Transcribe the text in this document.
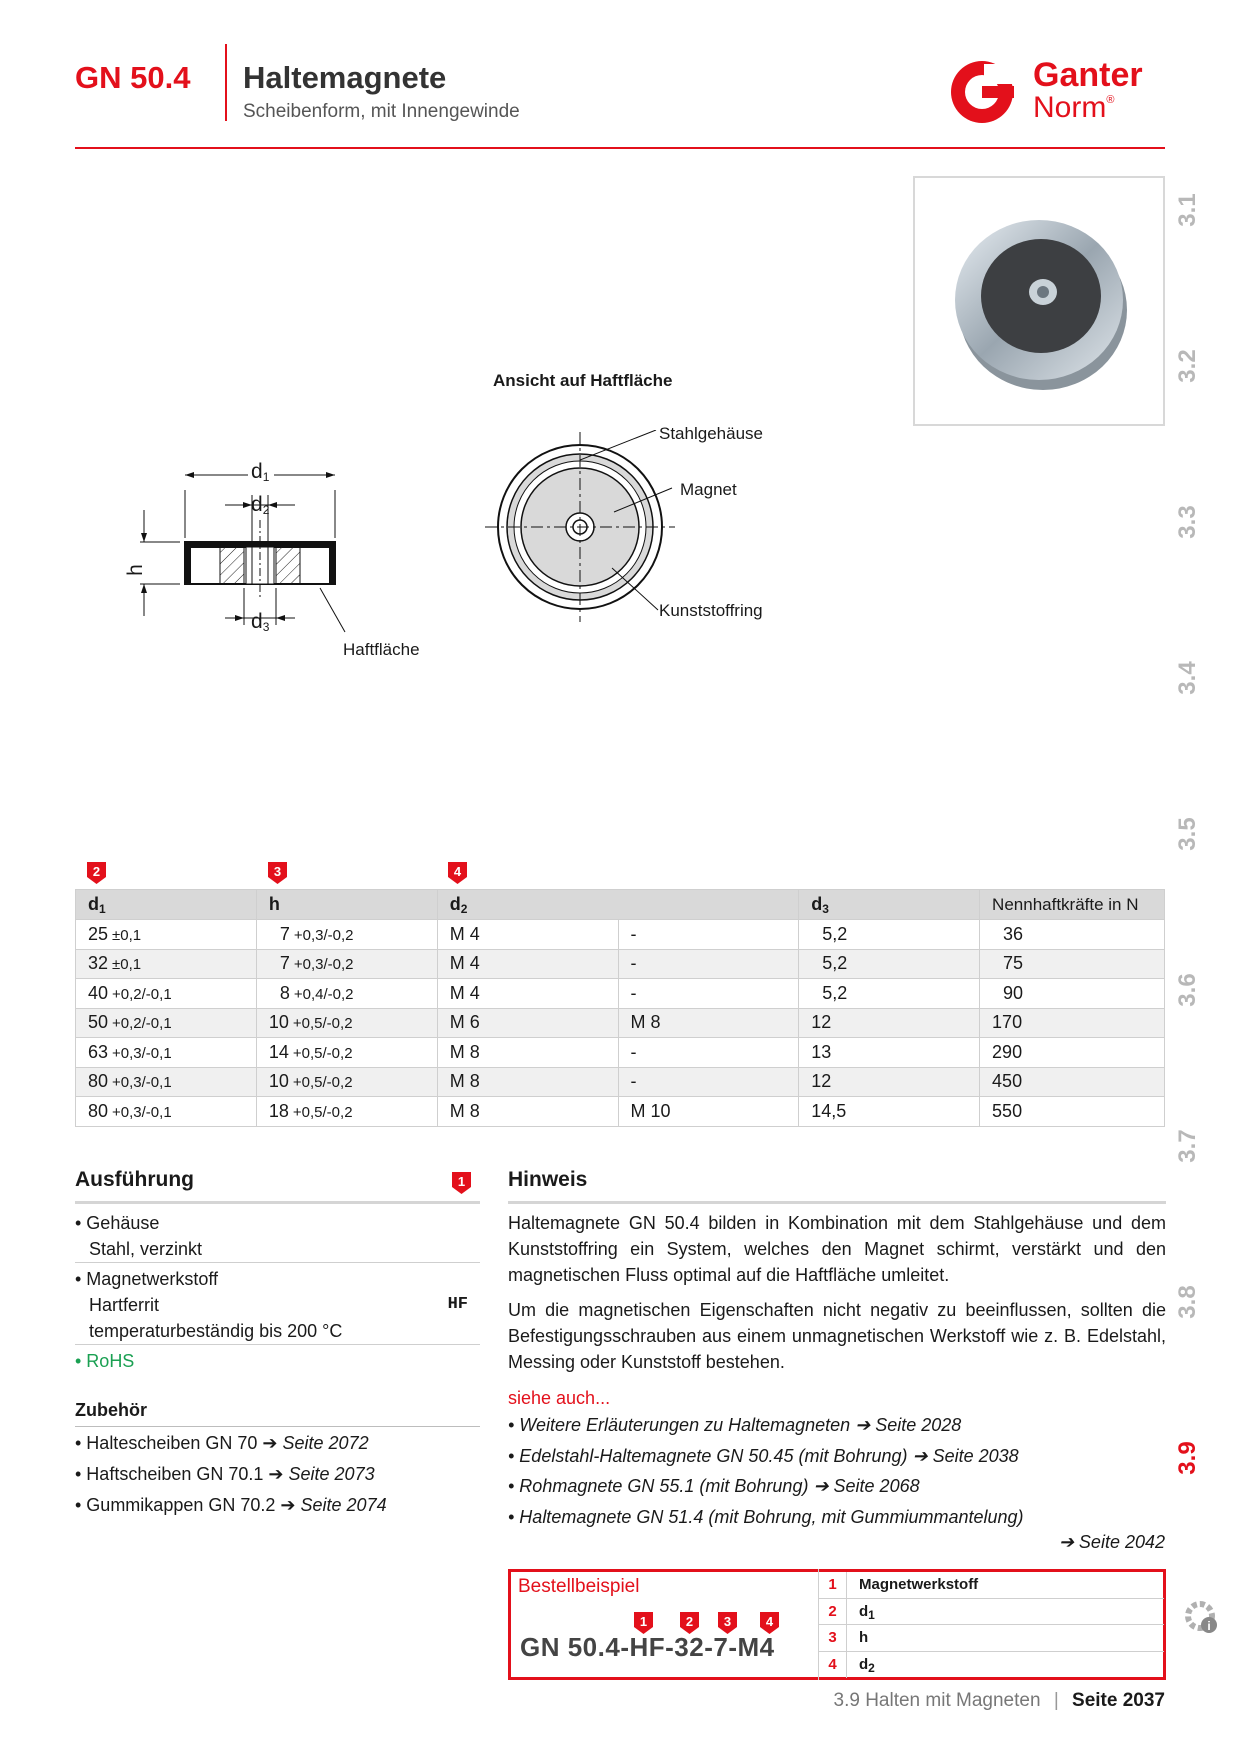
GN 50.4 Haltemagnete
Scheibenform, mit Innengewinde
Ganter
Norm®
3.1
3.2
3.3
3.4
3.5
3.6
3.7
3.8
3.9
i
Ansicht auf Haftfläche
$d_1$
$d_2$
h
$d_3$
Haftfläche
Stahlgehäuse
Magnet
Kunststoffring
2	3	4
$d_1$	h	$d_2$		$d_3$	Nennhaftkräfte in N
25 ±0,1	7 +0,3/-0,2	M 4	-	5,2	36
32 ±0,1	7 +0,3/-0,2	M 4	-	5,2	75
40 +0,2/-0,1	8 +0,4/-0,2	M 4	-	5,2	90
50 +0,2/-0,1	10 +0,5/-0,2	M 6	M 8	12	170
63 +0,3/-0,1	14 +0,5/-0,2	M 8	-	13	290
80 +0,3/-0,1	10 +0,5/-0,2	M 8	-	12	450
80 +0,3/-0,1	18 +0,5/-0,2	M 8	M 10	14,5	550
Ausführung	1
• Gehäuse
Stahl, verzinkt
• Magnetwerkstoff
Hartferrit	HF
temperaturbeständig bis 200 °C
• RoHS
Zubehör
• Haltescheiben GN 70 ➔ Seite 2072
• Haftscheiben GN 70.1 ➔ Seite 2073
• Gummikappen GN 70.2 ➔ Seite 2074
Hinweis
Haltemagnete GN 50.4 bilden in Kombination mit dem Stahlgehäuse und dem Kunststoffring ein System, welches den Magnet schirmt, verstärkt und den magnetischen Fluss optimal auf die Haftfläche umleitet.
Um die magnetischen Eigenschaften nicht negativ zu beeinflussen, sollten die Befestigungsschrauben aus einem unmagnetischen Werkstoff wie z. B. Edelstahl, Messing oder Kunststoff bestehen.
siehe auch...
• Weitere Erläuterungen zu Haltemagneten ➔ Seite 2028
• Edelstahl-Haltemagnete GN 50.45 (mit Bohrung) ➔ Seite 2038
• Rohmagnete GN 55.1 (mit Bohrung) ➔ Seite 2068
• Haltemagnete GN 51.4 (mit Bohrung, mit Gummiummantelung)
➔ Seite 2042
Bestellbeispiel
1	2 3	4
GN 50.4-HF-32-7-M4
1	Magnetwerkstoff
2	$d_1$
3	h
4	$d_2$
3.9 Halten mit Magneten | Seite 2037
